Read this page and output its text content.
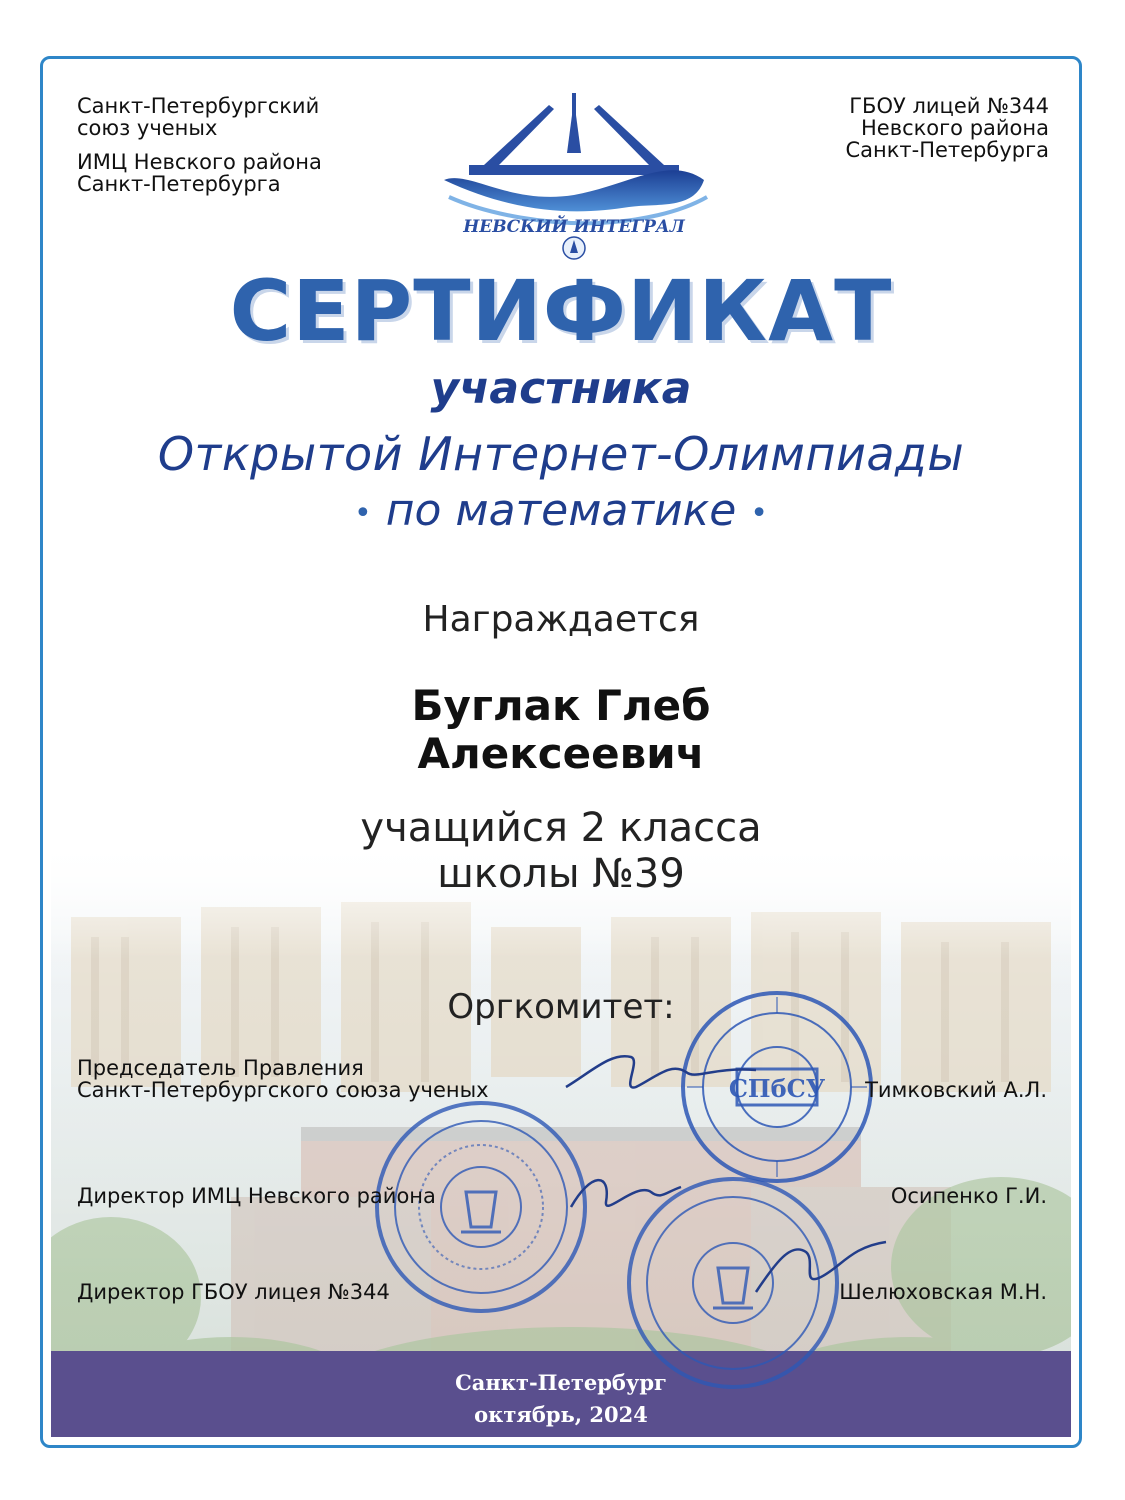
Санкт-Петербург
октябрь, 2024
Санкт-Петербургский
союз ученых
ИМЦ Невского района
Санкт-Петербурга
ГБОУ лицей №344
Невского района
Санкт-Петербурга
НЕВСКИЙ ИНТЕГРАЛ
СЕРТИФИКАТ
участника
Открытой Интернет-Олимпиады
• по математике •
Награждается
Буглак Глеб
Алексеевич
учащийся 2 класса
школы №39
Оргкомитет:
СПбСУ
Председатель Правления
Санкт-Петербургского союза ученых	Тимковский А.Л.
Директор ИМЦ Невского района	Осипенко Г.И.
Директор ГБОУ лицея №344	Шелюховская М.Н.
